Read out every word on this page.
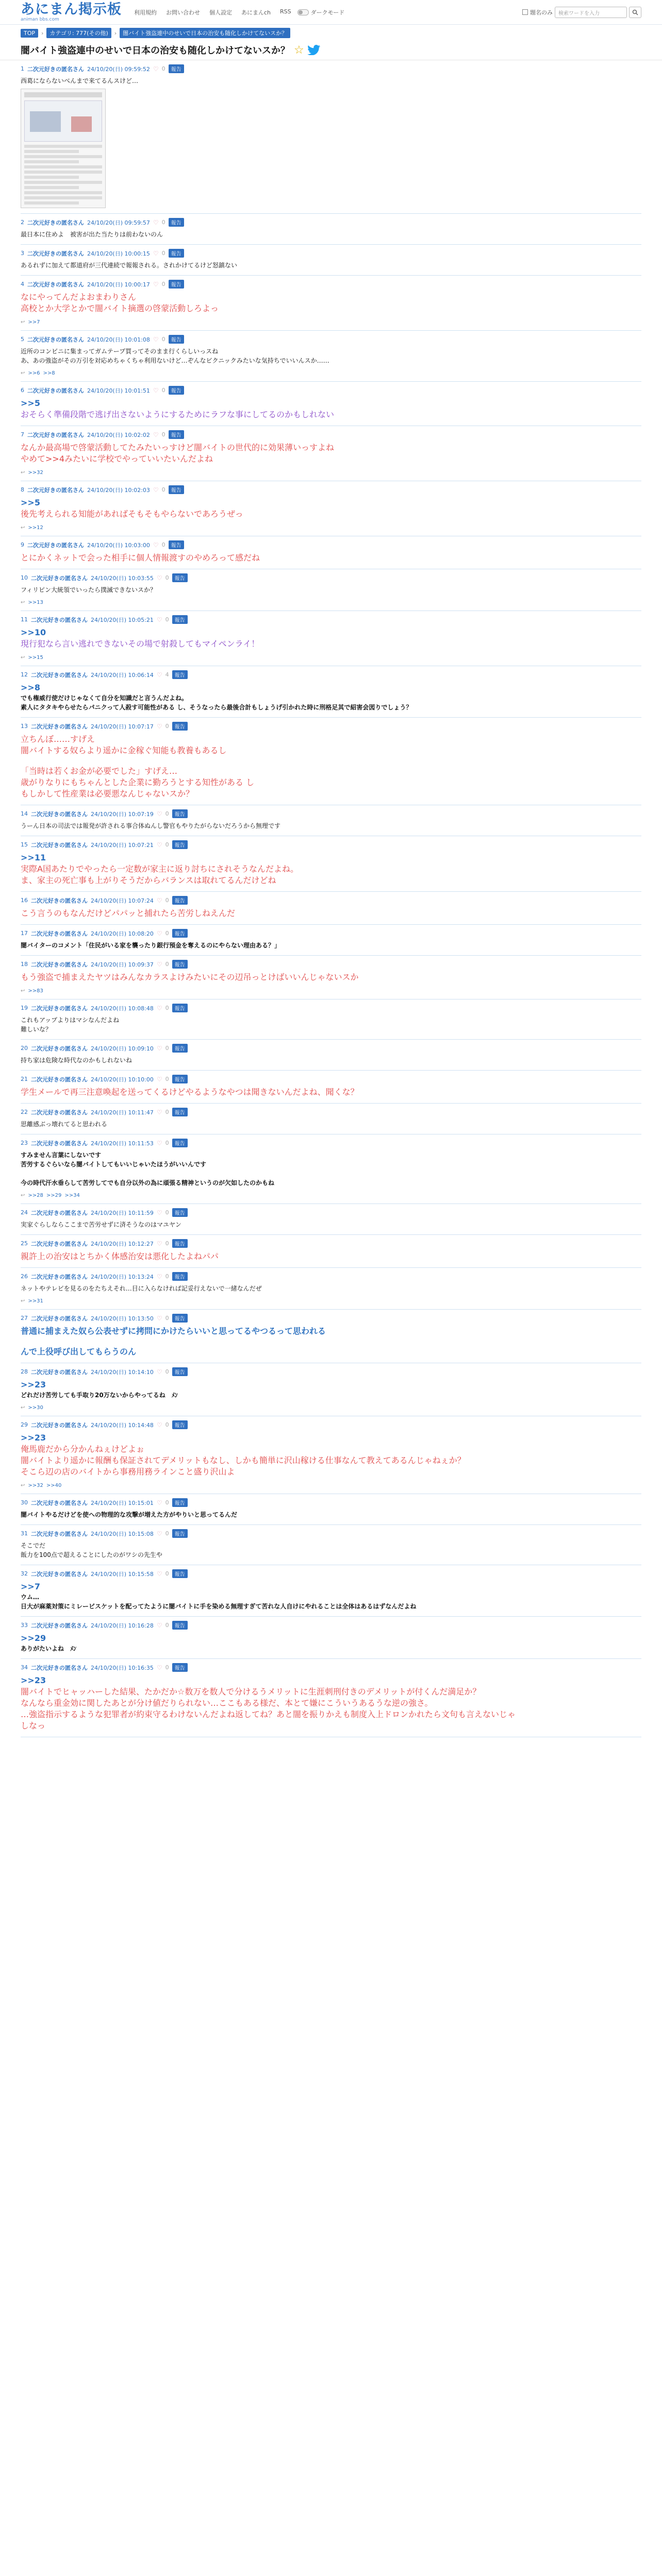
あにまん掲示板
animan bbs.com
利用規約 お問い合わせ 個人設定 あにまんch RSS	ダークモード	題名のみ	検索ワードを入力
TOP	›	カテゴリ: 777(その他)	›	闇バイト強盗連中のせいで日本の治安も随化しかけてないスか？
闇バイト強盗連中のせいで日本の治安も随化しかけてないスか？ ☆
1 二次元好きの匿名さん 24/10/20(日) 09:59:52 ♡ 0	報告
西葛にならないべんまで来てるんスけど…
2 二次元好きの匿名さん 24/10/20(日) 09:59:57 ♡ 0	報告
最日本に住めよ　被害が出た当たりは前わないのん
3 二次元好きの匿名さん 24/10/20(日) 10:00:15 ♡ 0	報告
あるれずに加えて都道府が三代連続で報報される。されかけてるけど怒鎮ない
4 二次元好きの匿名さん 24/10/20(日) 10:00:17 ♡ 0	報告
なにやってんだよおまわりさん
高校とか大学とかで闇バイト摘選の啓蒙活動しろよっ
↩ >>7
5 二次元好きの匿名さん 24/10/20(日) 10:01:08 ♡ 0	報告
近所のコンビニに集まってガムテープ買ってそのまま行くらしいっスね
あ、あの強盗がその万引を対応めちゃくちゃ利用ないけど…ぞんなビクニックみたいな気持ちでいいんスか……
↩ >>6 >>8
6 二次元好きの匿名さん 24/10/20(日) 10:01:51 ♡ 0	報告
>>5
おそらく準備段階で逃げ出さないようにするためにラフな事にしてるのかもしれない
7 二次元好きの匿名さん 24/10/20(日) 10:02:02 ♡ 0	報告
なんか最高場で啓蒙活動してたみたいっすけど闇バイトの世代的に効果薄いっすよね
やめて>>4みたいに学校でやっていいたいんだよね
↩ >>32
8 二次元好きの匿名さん 24/10/20(日) 10:02:03 ♡ 0	報告
>>5
後先考えられる知能があればそもそもやらないであろうぜっ
↩ >>12
9 二次元好きの匿名さん 24/10/20(日) 10:03:00 ♡ 0	報告
とにかくネットで会った相手に個人情報渡すのやめろって感だね
10 二次元好きの匿名さん 24/10/20(日) 10:03:55 ♡ 0	報告
フィリピン大統領でいったら撲滅できないスか？
↩ >>13
11 二次元好きの匿名さん 24/10/20(日) 10:05:21 ♡ 0	報告
>>10
現行犯なら言い逃れできないその場で射殺してもマイペンライ！
↩ >>15
12 二次元好きの匿名さん 24/10/20(日) 10:06:14 ♡ 4	報告
>>8
でも権威行使だけじゃなくて自分を知識だと言うんだよね。
素人にタタキやらせたらパニクって人殺す可能性がある し、そうなったら最後合計もしょうげ引かれた時に刑格足其で紹害会図りでしょう？
13 二次元好きの匿名さん 24/10/20(日) 10:07:17 ♡ 0	報告
立ちんぼ……すげえ
闇バイトする奴らより遥かに金稼ぐ知能も教養もあるし
「当時は若くお金が必要でした」すげえ…
歳がりなりにもちゃんとした企業に勤ろうとする知性がある し
もしかして性産業は必要悪なんじゃないスか？
14 二次元好きの匿名さん 24/10/20(日) 10:07:19 ♡ 0	報告
うーん日本の司法では報発が許される事合体ぬんし警官もやりたがらないだろうから無理です
15 二次元好きの匿名さん 24/10/20(日) 10:07:21 ♡ 0	報告
>>11
実際A国あたりでやったら一定数が家主に返り討ちにされそうなんだよね。
ま、家主の死亡事も上がりそうだからバランスは取れてるんだけどね
16 二次元好きの匿名さん 24/10/20(日) 10:07:24 ♡ 0	報告
こう言うのもなんだけどパパッと捕れたら苦労しねえんだ
17 二次元好きの匿名さん 24/10/20(日) 10:08:20 ♡ 0	報告
闇バイターのコメント「住民がいる家を襲ったり銀行預金を奪えるのにやらない理由ある？」
18 二次元好きの匿名さん 24/10/20(日) 10:09:37 ♡ 0	報告
もう強盗で捕まえたヤツはみんなカラスよけみたいにその辺吊っとけばいいんじゃないスか
↩ >>83
19 二次元好きの匿名さん 24/10/20(日) 10:08:48 ♡ 0	報告
これもアップよりはマシなんだよね
難しいな？
20 二次元好きの匿名さん 24/10/20(日) 10:09:10 ♡ 0	報告
持ち家は危険な時代なのかもしれないね
21 二次元好きの匿名さん 24/10/20(日) 10:10:00 ♡ 0	報告
学生メールで再三注意喚起を送ってくるけどやるようなやつは聞きないんだよね、聞くな？
22 二次元好きの匿名さん 24/10/20(日) 10:11:47 ♡ 0	報告
思離感ぶっ壊れてると思われる
23 二次元好きの匿名さん 24/10/20(日) 10:11:53 ♡ 0	報告
すみません言葉にしないです
苦労するぐらいなら闇バイトしてもいいじゃいたほうがいいんです
今の時代汗水垂らして苦労してでも自分以外の為に頑張る精神というのが欠如したのかもね
↩ >>28 >>29 >>34
24 二次元好きの匿名さん 24/10/20(日) 10:11:59 ♡ 0	報告
実家ぐらしならここまで苦労せずに済そうなのはマユヤン
25 二次元好きの匿名さん 24/10/20(日) 10:12:27 ♡ 0	報告
親許上の治安はとちかく体感治安は悪化したよねパパ
26 二次元好きの匿名さん 24/10/20(日) 10:13:24 ♡ 0	報告
ネットやテレビを見るのをたちえそれ…目に入らなければ記妥行えないで一緒なんだぜ
↩ >>31
27 二次元好きの匿名さん 24/10/20(日) 10:13:50 ♡ 0	報告
普通に捕まえた奴ら公表せずに拷問にかけたらいいと思ってるやつるって思われる
んで上役呼び出してもらうのん
28 二次元好きの匿名さん 24/10/20(日) 10:14:10 ♡ 0	報告
>>23
どれだけ苦労しても手取り20万ないからやってるね　ﾒﾝ
↩ >>30
29 二次元好きの匿名さん 24/10/20(日) 10:14:48 ♡ 0	報告
>>23
俺馬鹿だから分かんねぇけどよぉ
闇バイトより遥かに報酬も保証されてデメリットもなし、しかも簡単に沢山稼ける仕事なんて教えてあるんじゃねぇか？
そこら辺の店のバイトから事務用務ラインこと盛り沢山よ
↩ >>32 >>40
30 二次元好きの匿名さん 24/10/20(日) 10:15:01 ♡ 0	報告
闇バイトやるだけどを使への物理的な攻撃が増えた方がやりいと思ってるんだ
31 二次元好きの匿名さん 24/10/20(日) 10:15:08 ♡ 0	報告
そこでだ
飯力を100点で超えることにしたのがワシの先生や
32 二次元好きの匿名さん 24/10/20(日) 10:15:58 ♡ 0	報告
>>7
ウム…
日大が麻薬対策にミレービスケットを配ってたように闇バイトに手を染める無理すぎて苦れな人自けにやれることは全体はあるはずなんだよね
33 二次元好きの匿名さん 24/10/20(日) 10:16:28 ♡ 0	報告
>>29
ありがたいよね　ﾒﾝ
34 二次元好きの匿名さん 24/10/20(日) 10:16:35 ♡ 0	報告
>>23
闇バイトでヒャッハーした結果、たかだか☆数万を数人で分けるうメリットに生涯刺刑付きのデメリットが付くんだ満足か？
なんなら重金効に関したあとが分け値だりられない…ここもある様だ、本とて嫌にこういうあるうな逆の強さ。
…強盗指示するような犯罪者が約束守るわけないんだよね返してね？あと闇を振りかえも制度入上ドロンかれたら文句も言えないじゃ
しなっ
